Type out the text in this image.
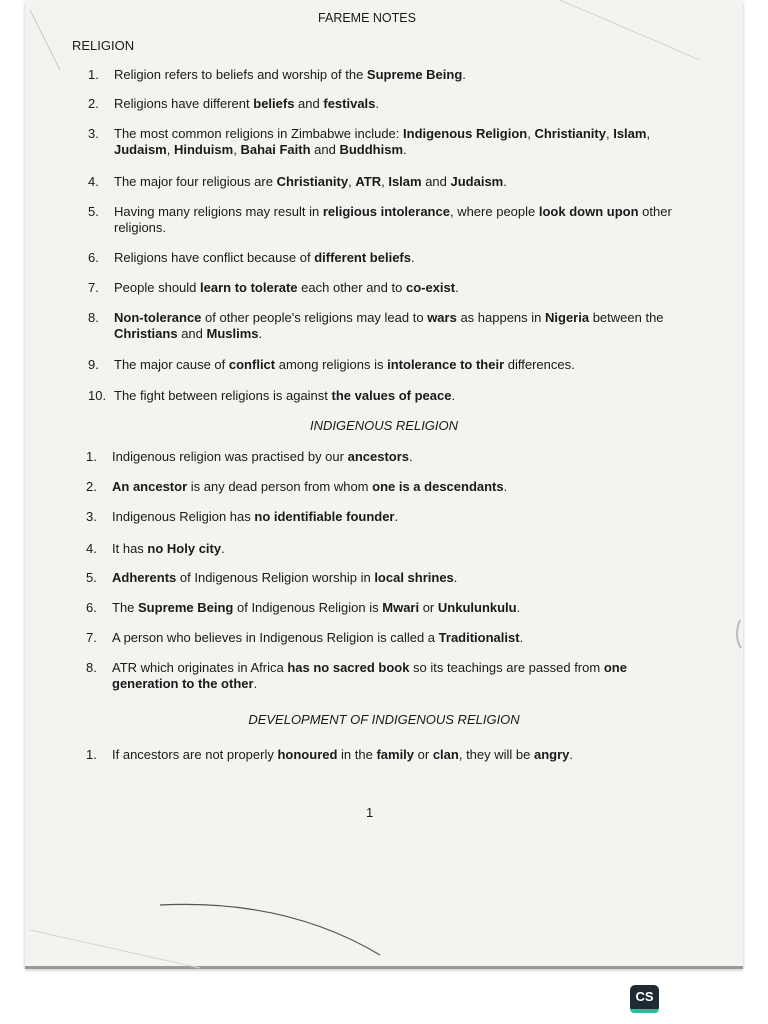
FAREME NOTES
RELIGION
1.	Religion refers to beliefs and worship of the Supreme Being.
2.	Religions have different beliefs and festivals.
3.	The most common religions in Zimbabwe include: Indigenous Religion, Christianity, Islam, Judaism, Hinduism, Bahai Faith and Buddhism.
4.	The major four religious are Christianity, ATR, Islam and Judaism.
5.	Having many religions may result in religious intolerance, where people look down upon other religions.
6.	Religions have conflict because of different beliefs.
7.	People should learn to tolerate each other and to co-exist.
8.	Non-tolerance of other people's religions may lead to wars as happens in Nigeria between the Christians and Muslims.
9.	The major cause of conflict among religions is intolerance to their differences.
10. The fight between religions is against the values of peace.
INDIGENOUS RELIGION
1.	Indigenous religion was practised by our ancestors.
2.	An ancestor is any dead person from whom one is a descendants.
3.	Indigenous Religion has no identifiable founder.
4.	It has no Holy city.
5.	Adherents of Indigenous Religion worship in local shrines.
6.	The Supreme Being of Indigenous Religion is Mwari or Unkulunkulu.
7.	A person who believes in Indigenous Religion is called a Traditionalist.
8.	ATR which originates in Africa has no sacred book so its teachings are passed from one generation to the other.
DEVELOPMENT OF INDIGENOUS RELIGION
1.	If ancestors are not properly honoured in the family or clan, they will be angry.
1
CS
